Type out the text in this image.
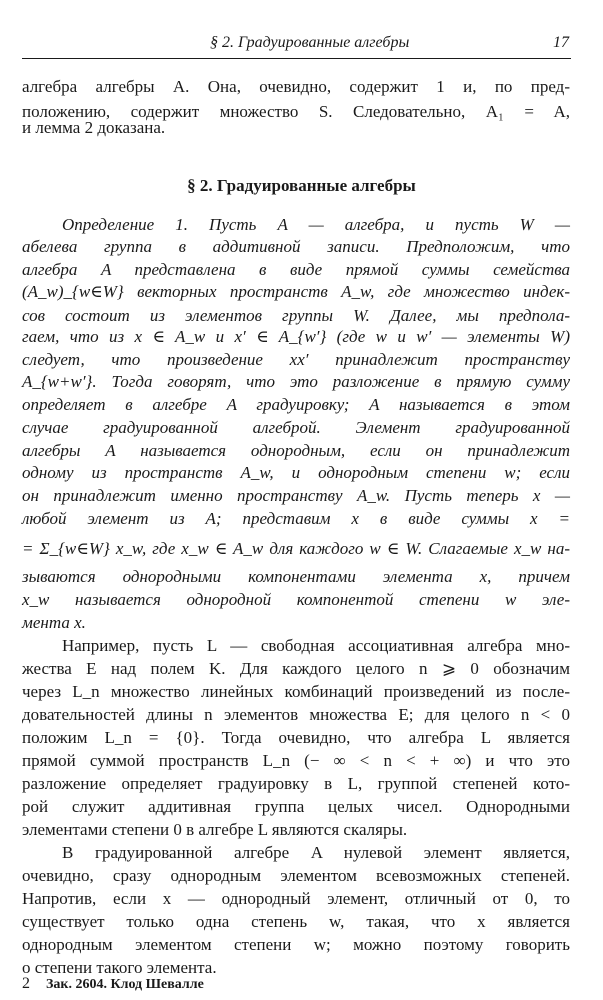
§ 2. Градуированные алгебры	17
алгебра алгебры A. Она, очевидно, содержит 1 и, по пред-
положению, содержит множество S. Следовательно, A₁ = A,
и лемма 2 доказана.
§ 2. Градуированные алгебры
Определение 1. Пусть A — алгебра, и пусть W —
абелева группа в аддитивной записи. Предположим, что
алгебра A представлена в виде прямой суммы семейства
(A_w)_{w∈W} векторных пространств A_w, где множество индек-
сов состоит из элементов группы W. Далее, мы предпола-
гаем, что из x ∈ A_w и x′ ∈ A_{w′} (где w и w′ — элементы W)
следует, что произведение xx′ принадлежит пространству
A_{w+w′}. Тогда говорят, что это разложение в прямую сумму
определяет в алгебре A градуировку; A называется в этом
случае градуированной алгеброй. Элемент градуированной
алгебры A называется однородным, если он принадлежит
одному из пространств A_w, и однородным степени w; если
он принадлежит именно пространству A_w. Пусть теперь x —
любой элемент из A; представим x в виде суммы x =
= Σ_{w∈W} x_w, где x_w ∈ A_w для каждого w ∈ W. Слагаемые x_w на-
зываются однородными компонентами элемента x, причем
x_w называется однородной компонентой степени w эле-
мента x.
Например, пусть L — свободная ассоциативная алгебра мно-
жества E над полем K. Для каждого целого n ⩾ 0 обозначим
через L_n множество линейных комбинаций произведений из после-
довательностей длины n элементов множества E; для целого n < 0
положим L_n = {0}. Тогда очевидно, что алгебра L является
прямой суммой пространств L_n (− ∞ < n < + ∞) и что это
разложение определяет градуировку в L, группой степеней кото-
рой служит аддитивная группа целых чисел. Однородными
элементами степени 0 в алгебре L являются скаляры.
В градуированной алгебре A нулевой элемент является,
очевидно, сразу однородным элементом всевозможных степеней.
Напротив, если x — однородный элемент, отличный от 0, то
существует только одна степень w, такая, что x является
однородным элементом степени w; можно поэтому говорить
о степени такого элемента.
2 Зак. 2604. Клод Шевалле
